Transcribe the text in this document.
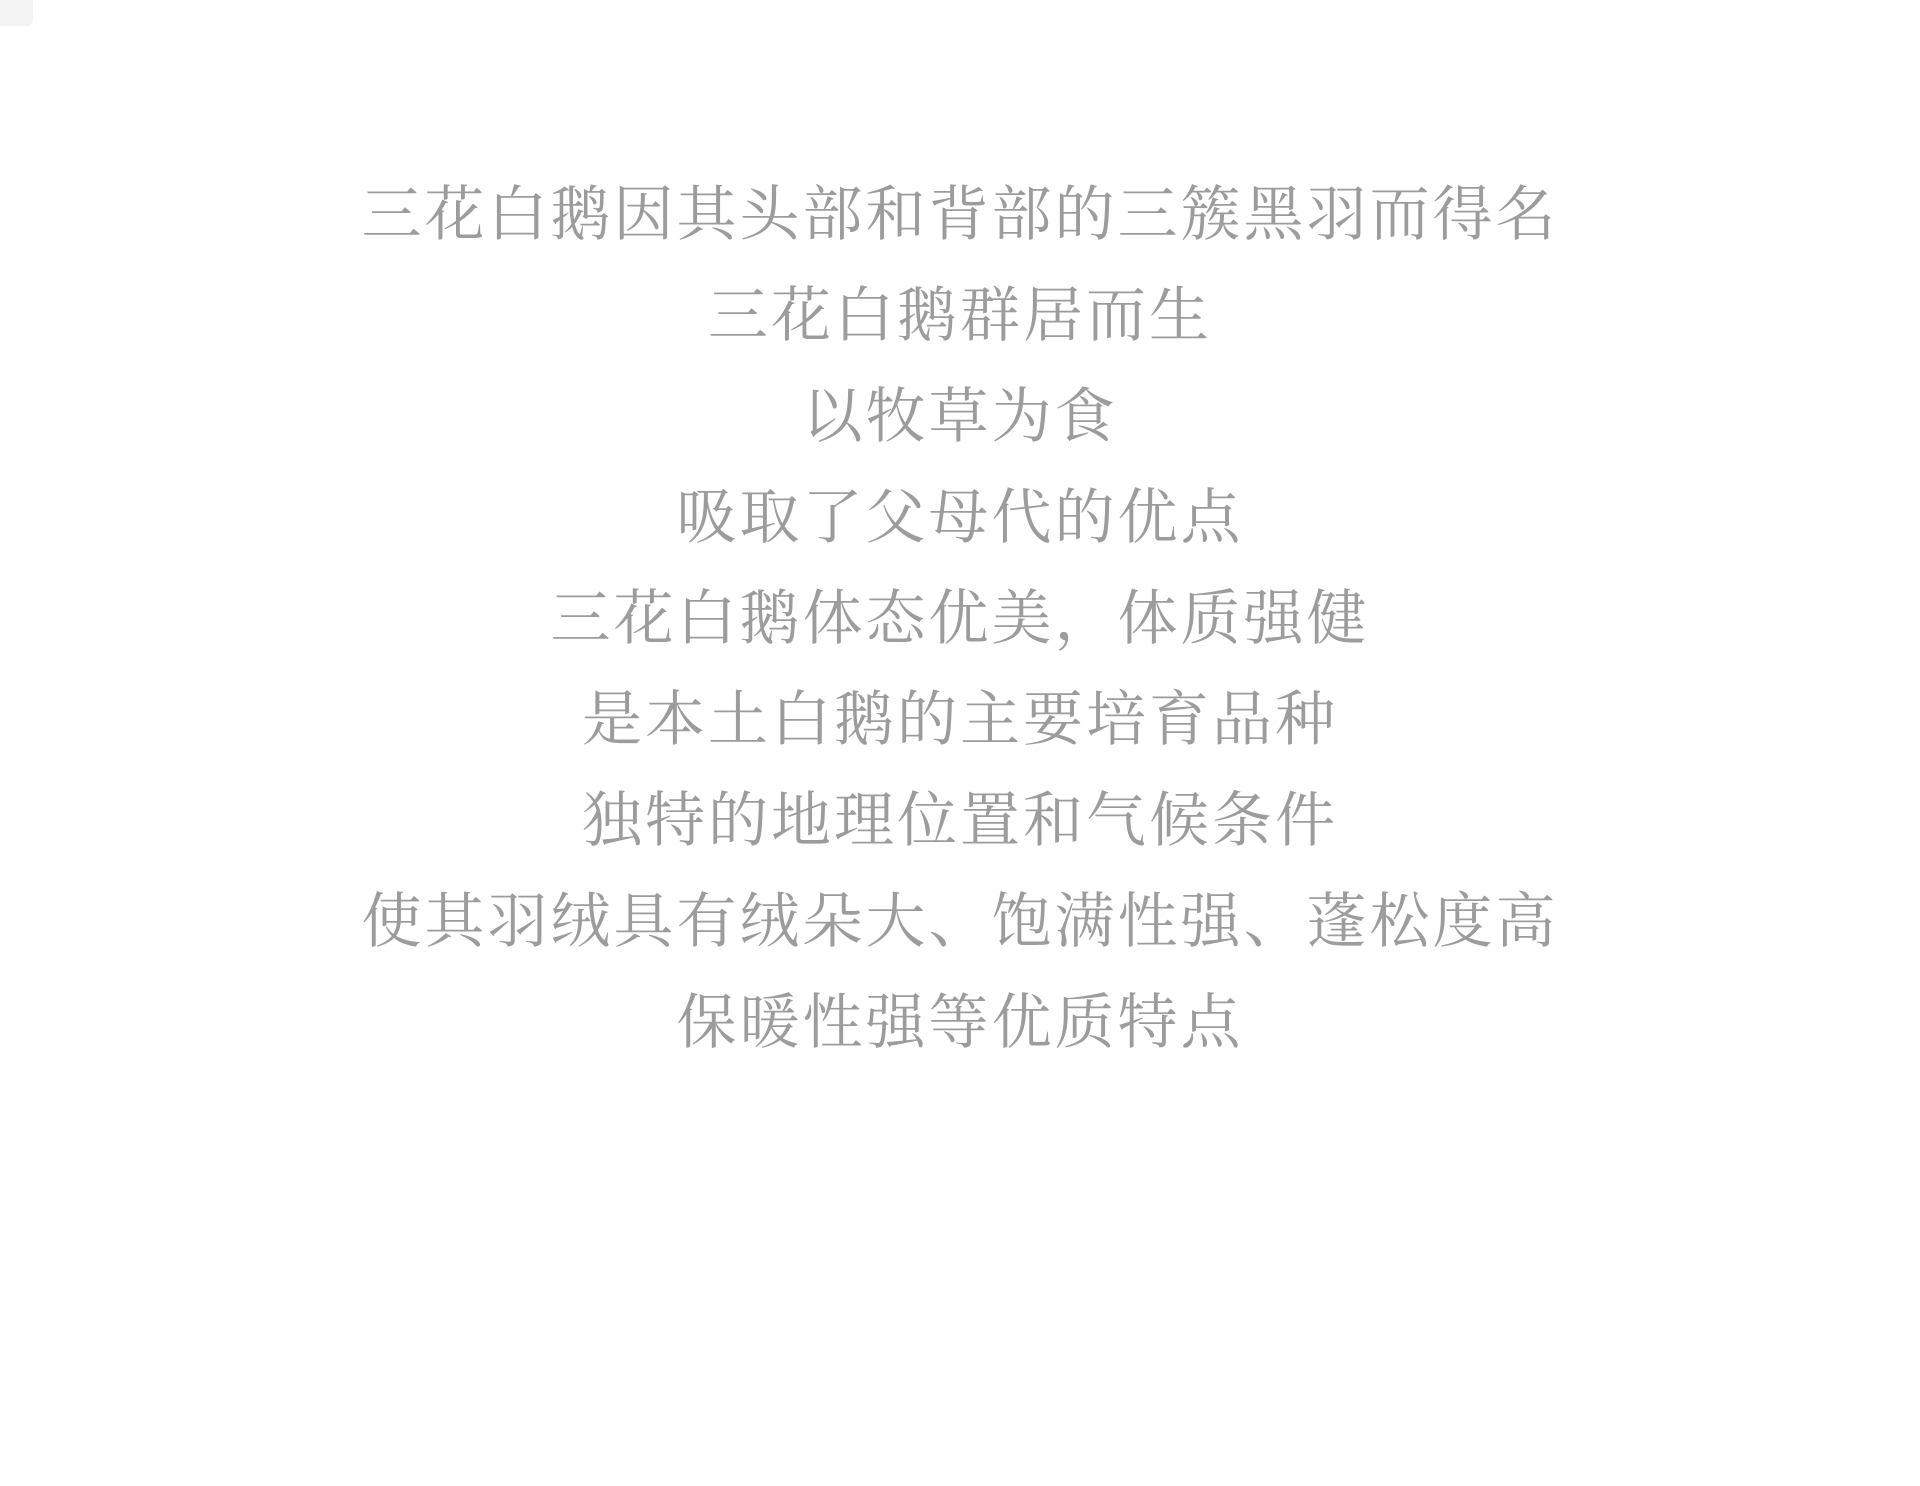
三花白鹅因其头部和背部的三簇黑羽而得名
三花白鹅群居而生
以牧草为食
吸取了父母代的优点
三花白鹅体态优美，体质强健
是本土白鹅的主要培育品种
独特的地理位置和气候条件
使其羽绒具有绒朵大、饱满性强、蓬松度高
保暖性强等优质特点
